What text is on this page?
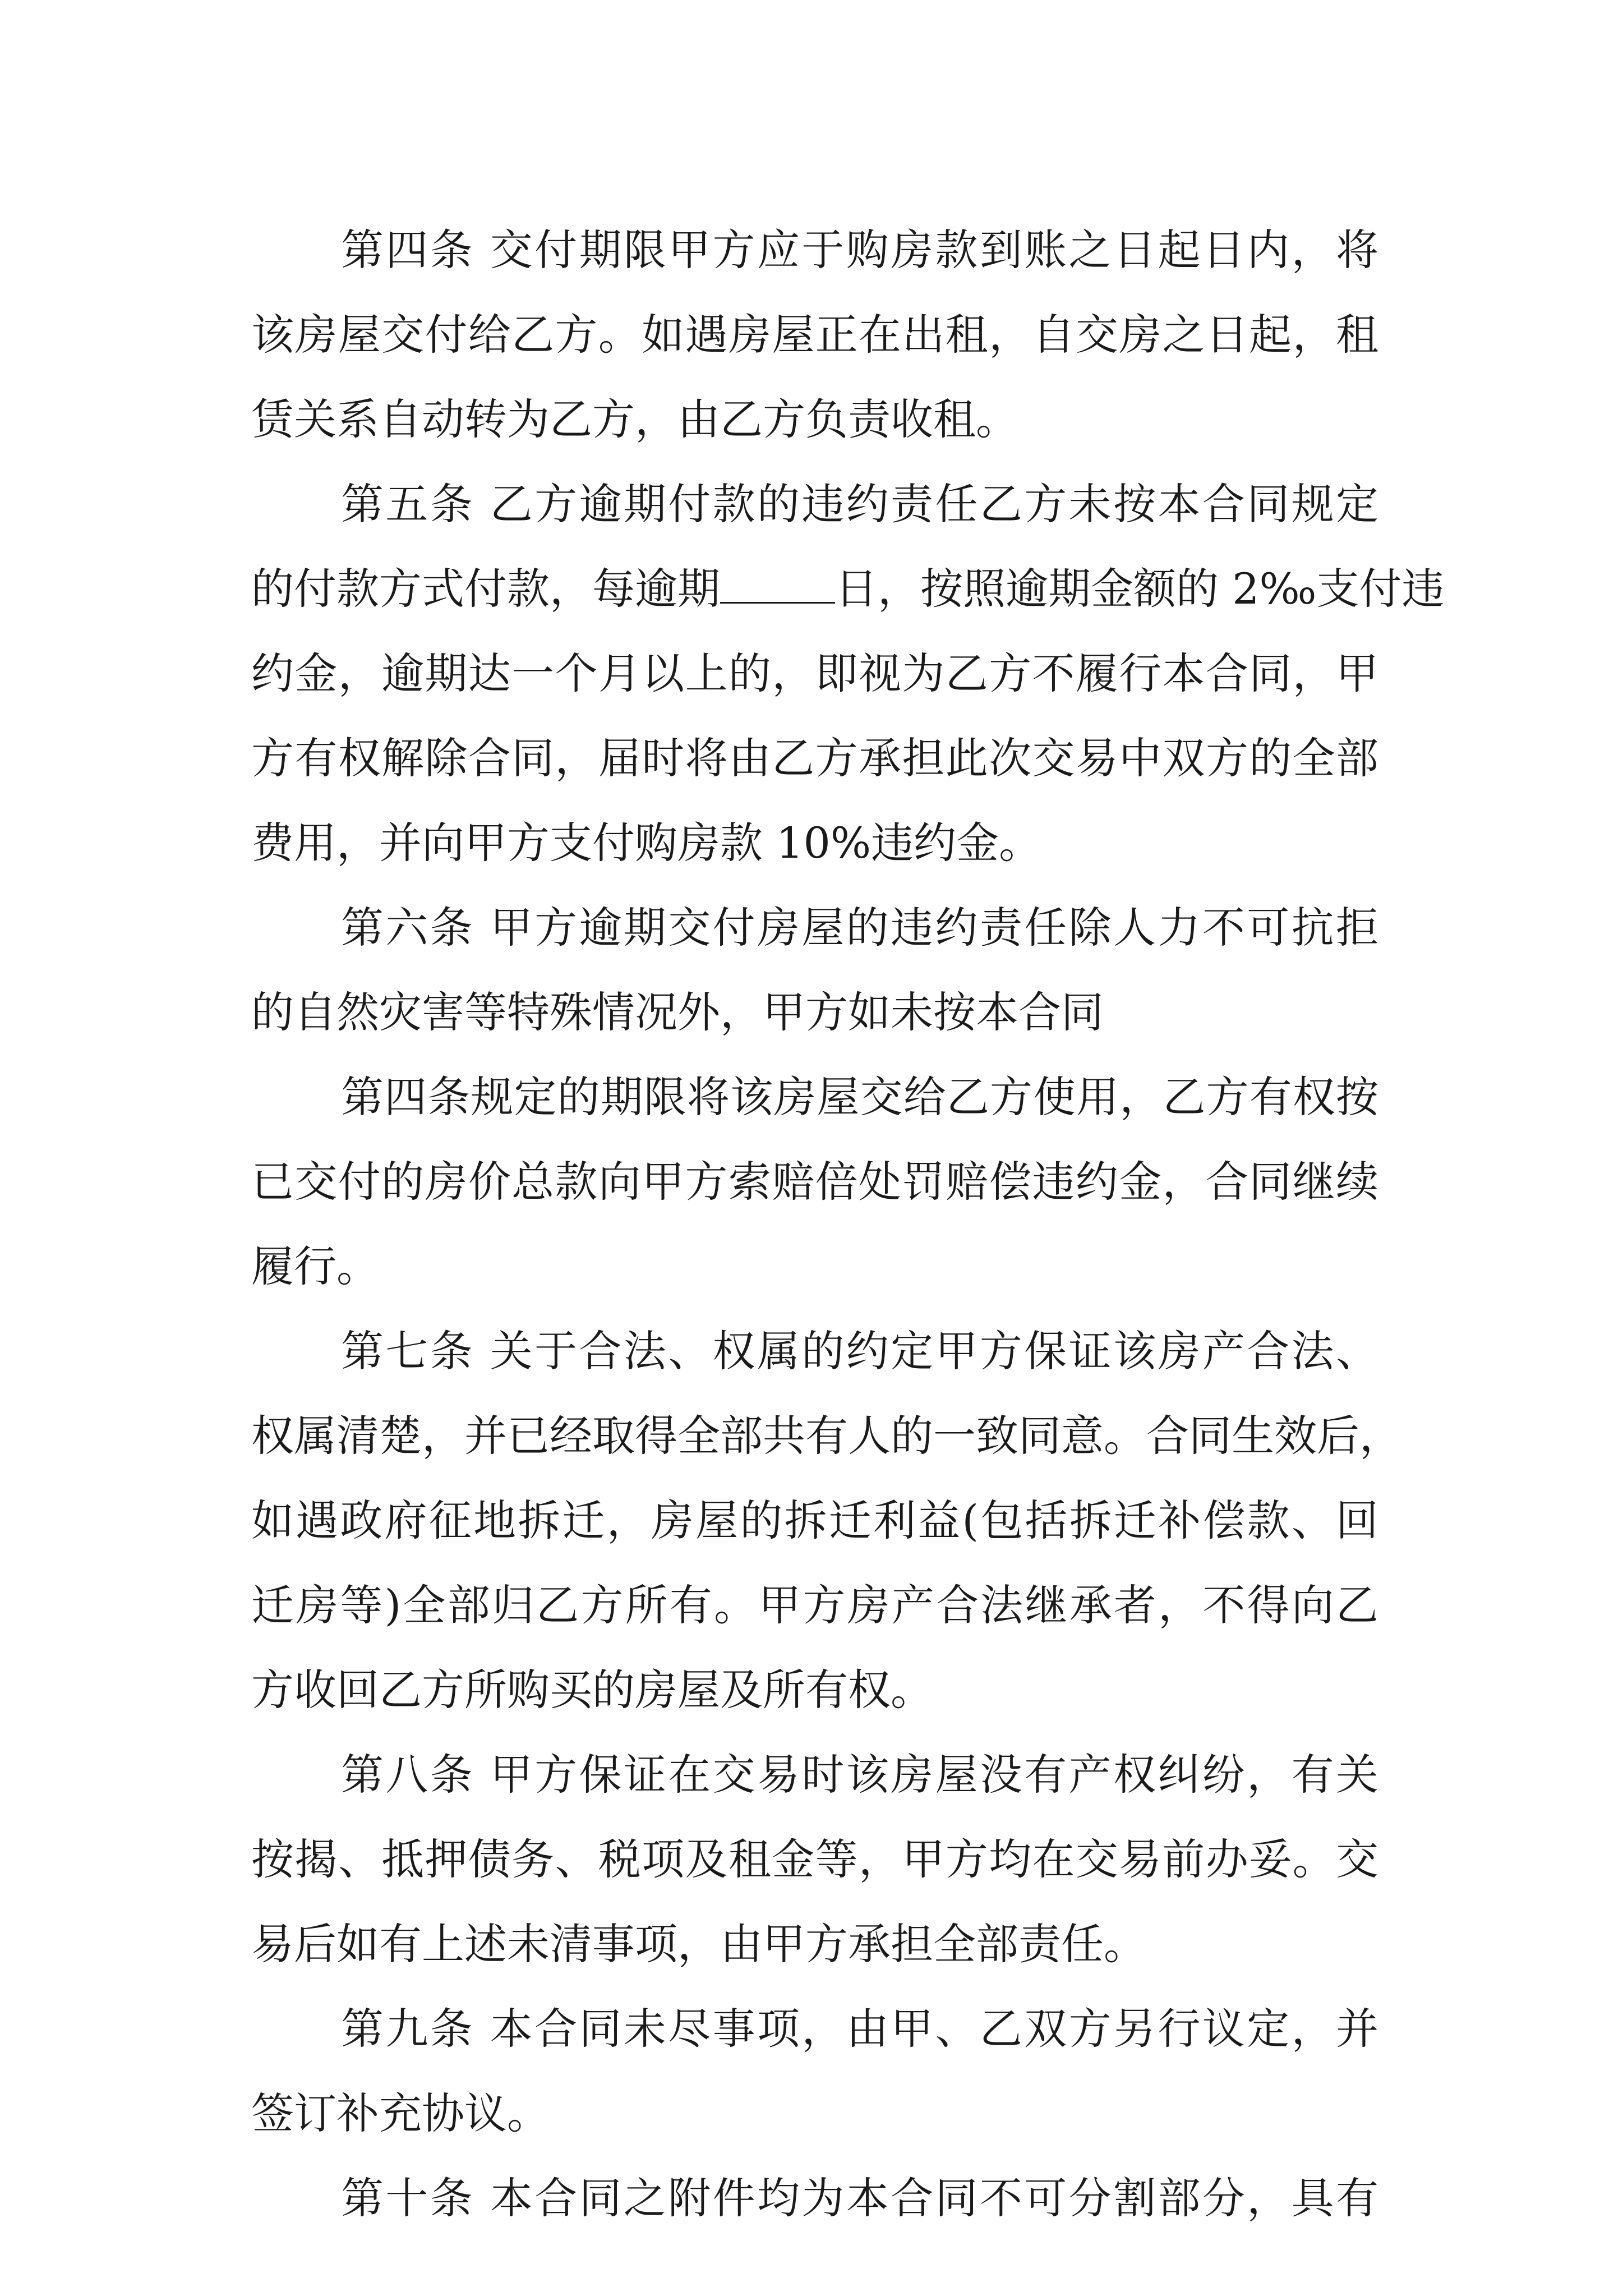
第四条 交付期限甲方应于购房款到账之日起日内，将
该房屋交付给乙方。如遇房屋正在出租，自交房之日起，租
赁关系自动转为乙方，由乙方负责收租。
第五条 乙方逾期付款的违约责任乙方未按本合同规定
的付款方式付款，每逾期	日，按照逾期金额的 2‰支付违
约金，逾期达一个月以上的，即视为乙方不履行本合同，甲
方有权解除合同，届时将由乙方承担此次交易中双方的全部
费用，并向甲方支付购房款 10%违约金。
第六条 甲方逾期交付房屋的违约责任除人力不可抗拒
的自然灾害等特殊情况外，甲方如未按本合同
第四条规定的期限将该房屋交给乙方使用，乙方有权按
已交付的房价总款向甲方索赔倍处罚赔偿违约金，合同继续
履行。
第七条 关于合法、权属的约定甲方保证该房产合法、
权属清楚，并已经取得全部共有人的一致同意。合同生效后，
如遇政府征地拆迁，房屋的拆迁利益(包括拆迁补偿款、回
迁房等)全部归乙方所有。甲方房产合法继承者，不得向乙
方收回乙方所购买的房屋及所有权。
第八条 甲方保证在交易时该房屋没有产权纠纷，有关
按揭、抵押债务、税项及租金等，甲方均在交易前办妥。交
易后如有上述未清事项，由甲方承担全部责任。
第九条 本合同未尽事项，由甲、乙双方另行议定，并
签订补充协议。
第十条 本合同之附件均为本合同不可分割部分，具有
